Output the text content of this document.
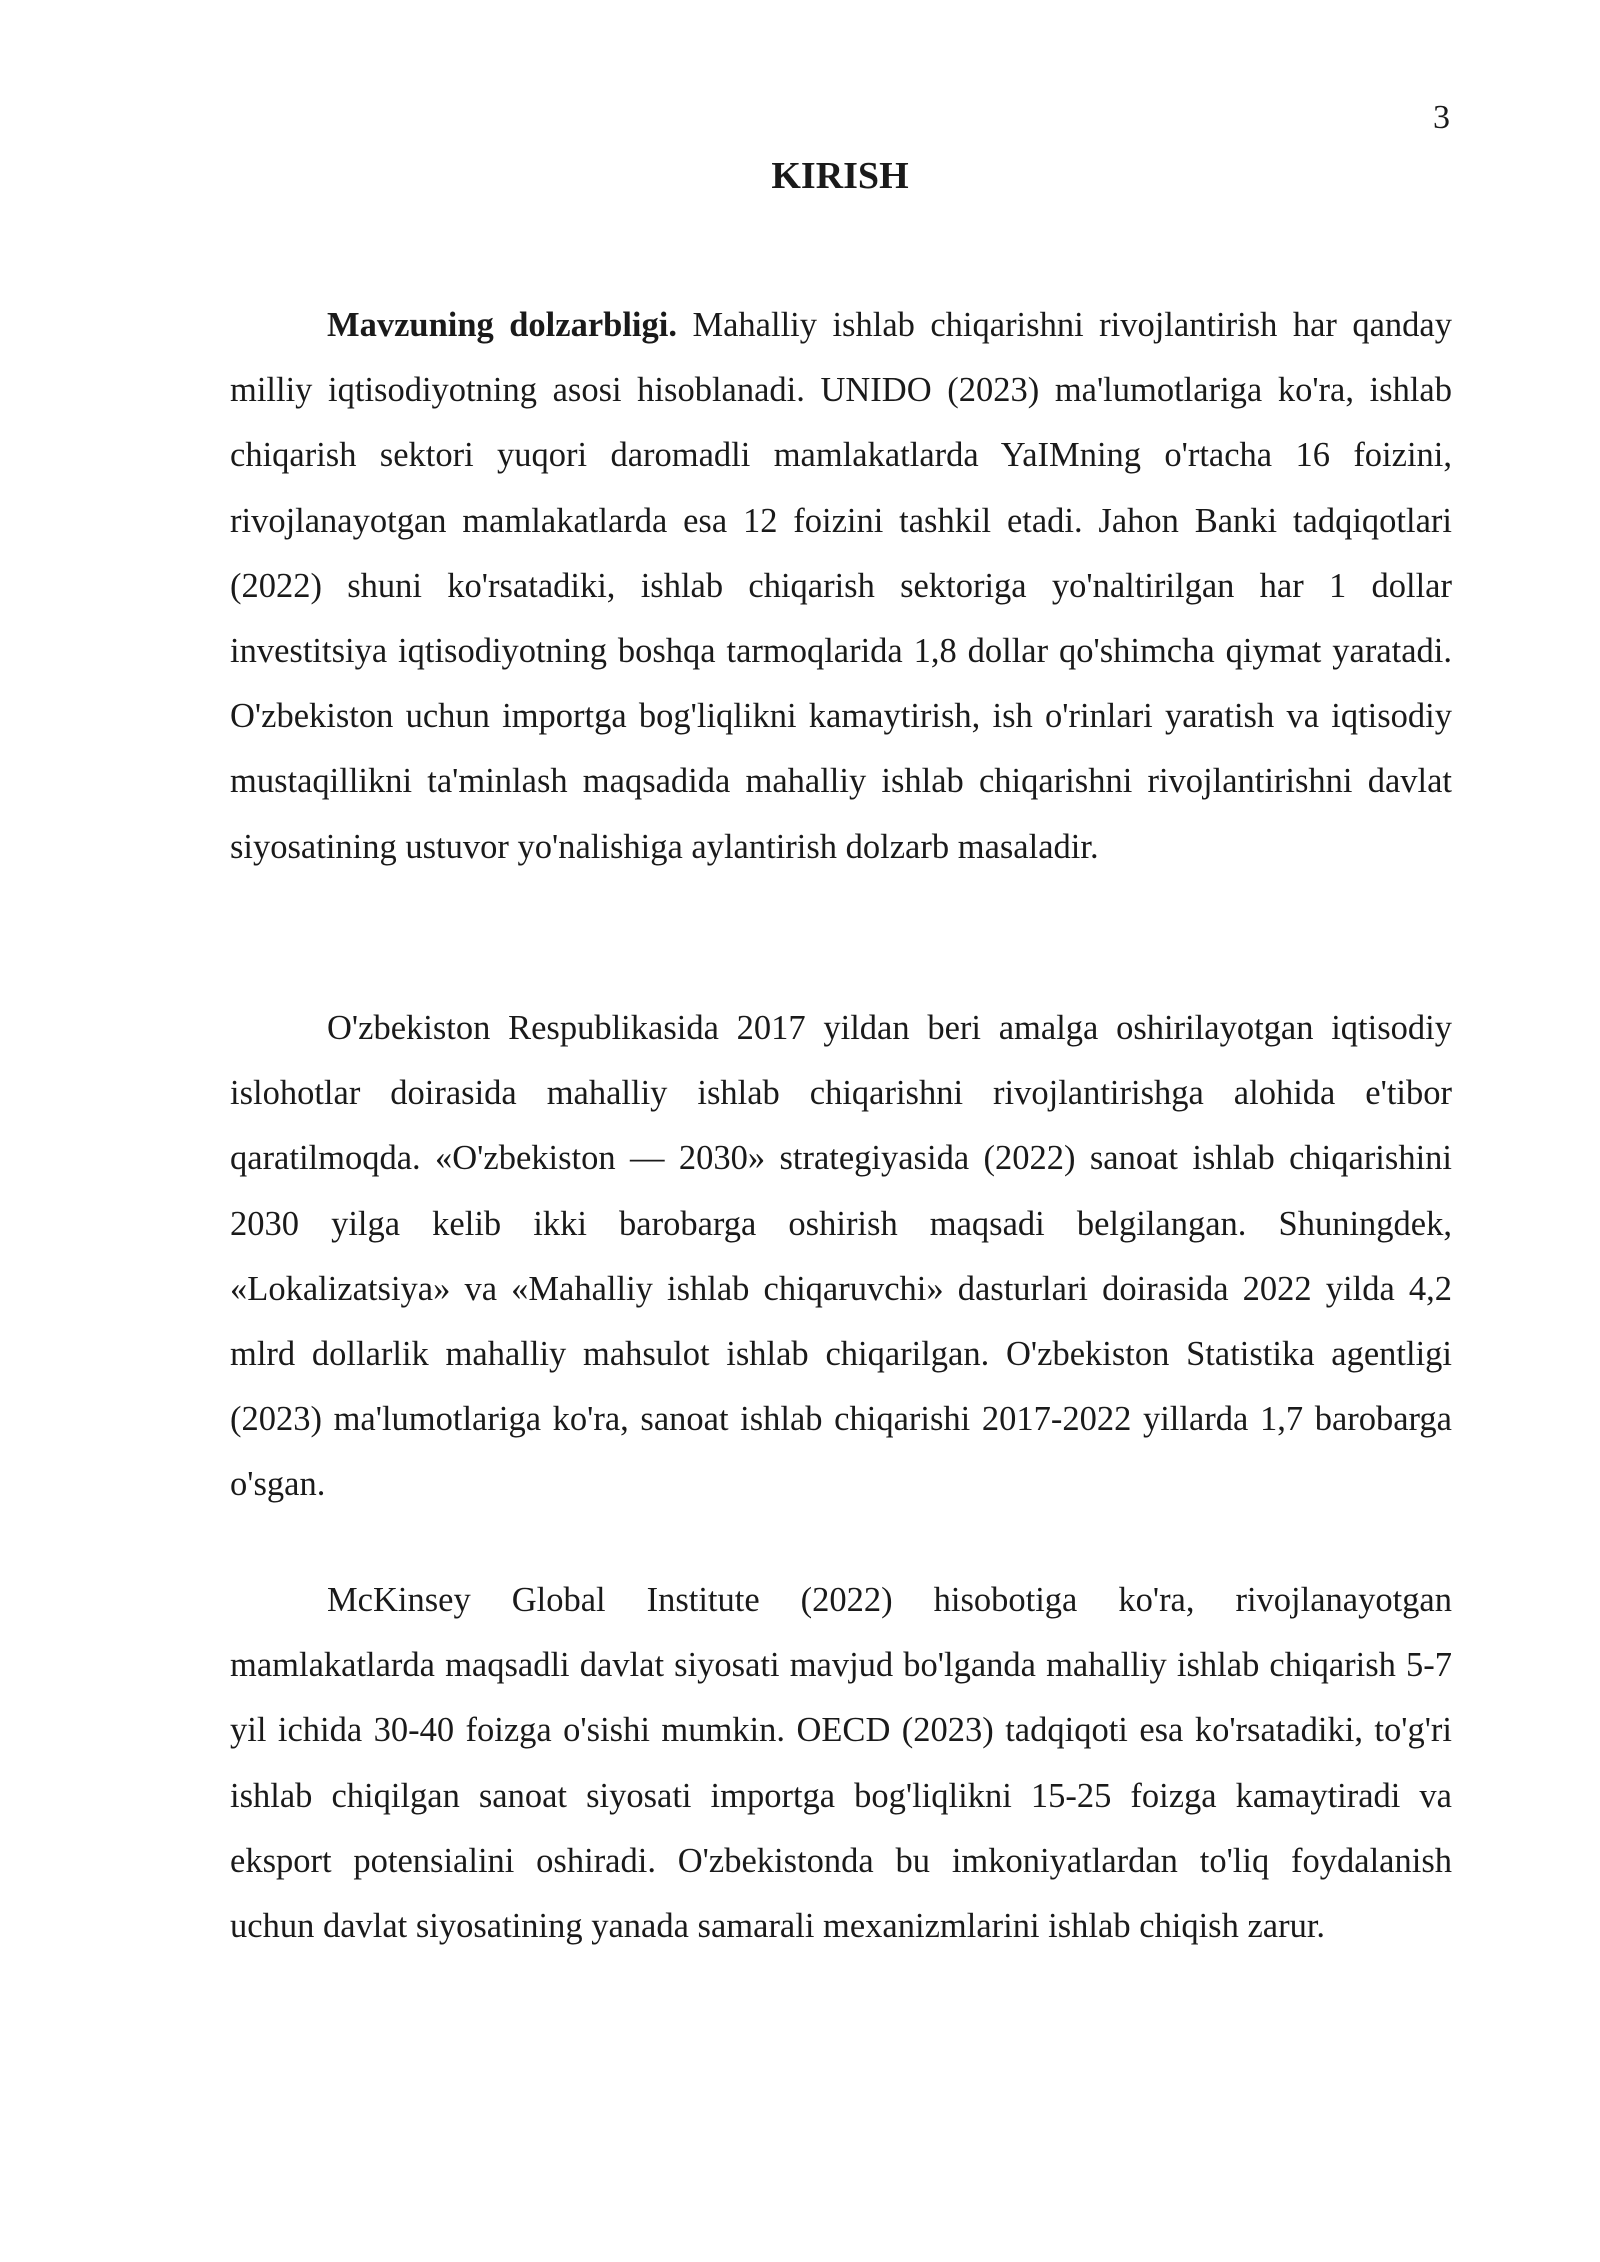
3
KIRISH

Mavzuning dolzarbligi. Mahalliy ishlab chiqarishni rivojlantirish har qanday milliy iqtisodiyotning asosi hisoblanadi. UNIDO (2023) ma'lumotlariga ko'ra, ishlab chiqarish sektori yuqori daromadli mamlakatlarda YaIMning o'rtacha 16 foizini, rivojlanayotgan mamlakatlarda esa 12 foizini tashkil etadi. Jahon Banki tadqiqotlari (2022) shuni ko'rsatadiki, ishlab chiqarish sektoriga yo'naltirilgan har 1 dollar investitsiya iqtisodiyotning boshqa tarmoqlarida 1,8 dollar qo'shimcha qiymat yaratadi. O'zbekiston uchun importga bog'liqlikni kamaytirish, ish o'rinlari yaratish va iqtisodiy mustaqillikni ta'minlash maqsadida mahalliy ishlab chiqarishni rivojlantirishni davlat siyosatining ustuvor yo'nalishiga aylantirish dolzarb masaladir.

O'zbekiston Respublikasida 2017 yildan beri amalga oshirilayotgan iqtisodiy islohotlar doirasida mahalliy ishlab chiqarishni rivojlantirishga alohida e'tibor qaratilmoqda. «O'zbekiston — 2030» strategiyasida (2022) sanoat ishlab chiqarishini 2030 yilga kelib ikki barobarga oshirish maqsadi belgilangan. Shuningdek, «Lokalizatsiya» va «Mahalliy ishlab chiqaruvchi» dasturlari doirasida 2022 yilda 4,2 mlrd dollarlik mahalliy mahsulot ishlab chiqarilgan. O'zbekiston Statistika agentligi (2023) ma'lumotlariga ko'ra, sanoat ishlab chiqarishi 2017-2022 yillarda 1,7 barobarga o'sgan.

McKinsey Global Institute (2022) hisobotiga ko'ra, rivojlanayotgan mamlakatlarda maqsadli davlat siyosati mavjud bo'lganda mahalliy ishlab chiqarish 5-7 yil ichida 30-40 foizga o'sishi mumkin. OECD (2023) tadqiqoti esa ko'rsatadiki, to'g'ri ishlab chiqilgan sanoat siyosati importga bog'liqlikni 15-25 foizga kamaytiradi va eksport potensialini oshiradi. O'zbekistonda bu imkoniyatlardan to'liq foydalanish uchun davlat siyosatining yanada samarali mexanizmlarini ishlab chiqish zarur.
